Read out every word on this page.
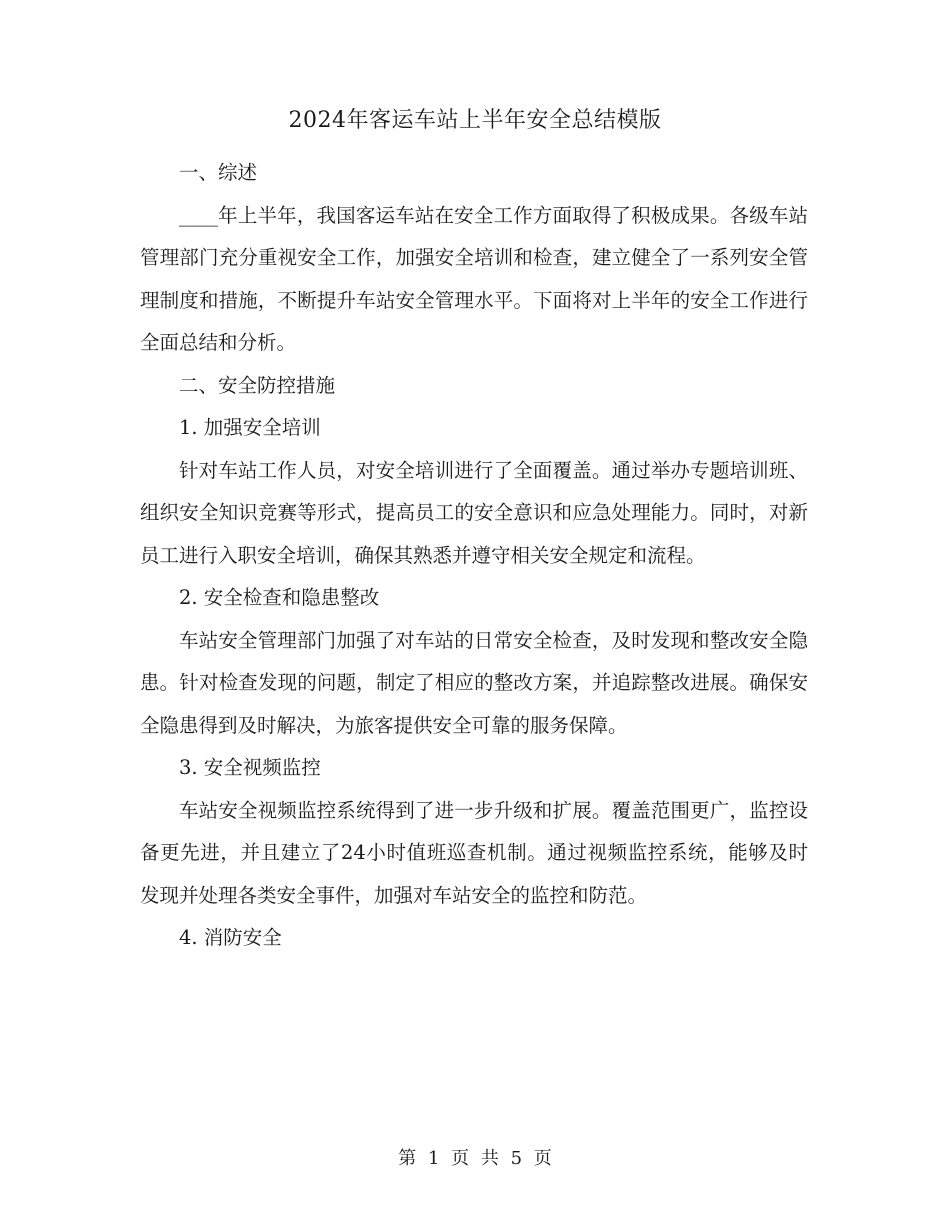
2024年客运车站上半年安全总结模版

一、综述

____年上半年，我国客运车站在安全工作方面取得了积极成果。各级车站管理部门充分重视安全工作，加强安全培训和检查，建立健全了一系列安全管理制度和措施，不断提升车站安全管理水平。下面将对上半年的安全工作进行全面总结和分析。

二、安全防控措施

1. 加强安全培训

针对车站工作人员，对安全培训进行了全面覆盖。通过举办专题培训班、组织安全知识竞赛等形式，提高员工的安全意识和应急处理能力。同时，对新员工进行入职安全培训，确保其熟悉并遵守相关安全规定和流程。

2. 安全检查和隐患整改

车站安全管理部门加强了对车站的日常安全检查，及时发现和整改安全隐患。针对检查发现的问题，制定了相应的整改方案，并追踪整改进展。确保安全隐患得到及时解决，为旅客提供安全可靠的服务保障。

3. 安全视频监控

车站安全视频监控系统得到了进一步升级和扩展。覆盖范围更广，监控设备更先进，并且建立了24小时值班巡查机制。通过视频监控系统，能够及时发现并处理各类安全事件，加强对车站安全的监控和防范。

4. 消防安全

第 1 页 共 5 页
